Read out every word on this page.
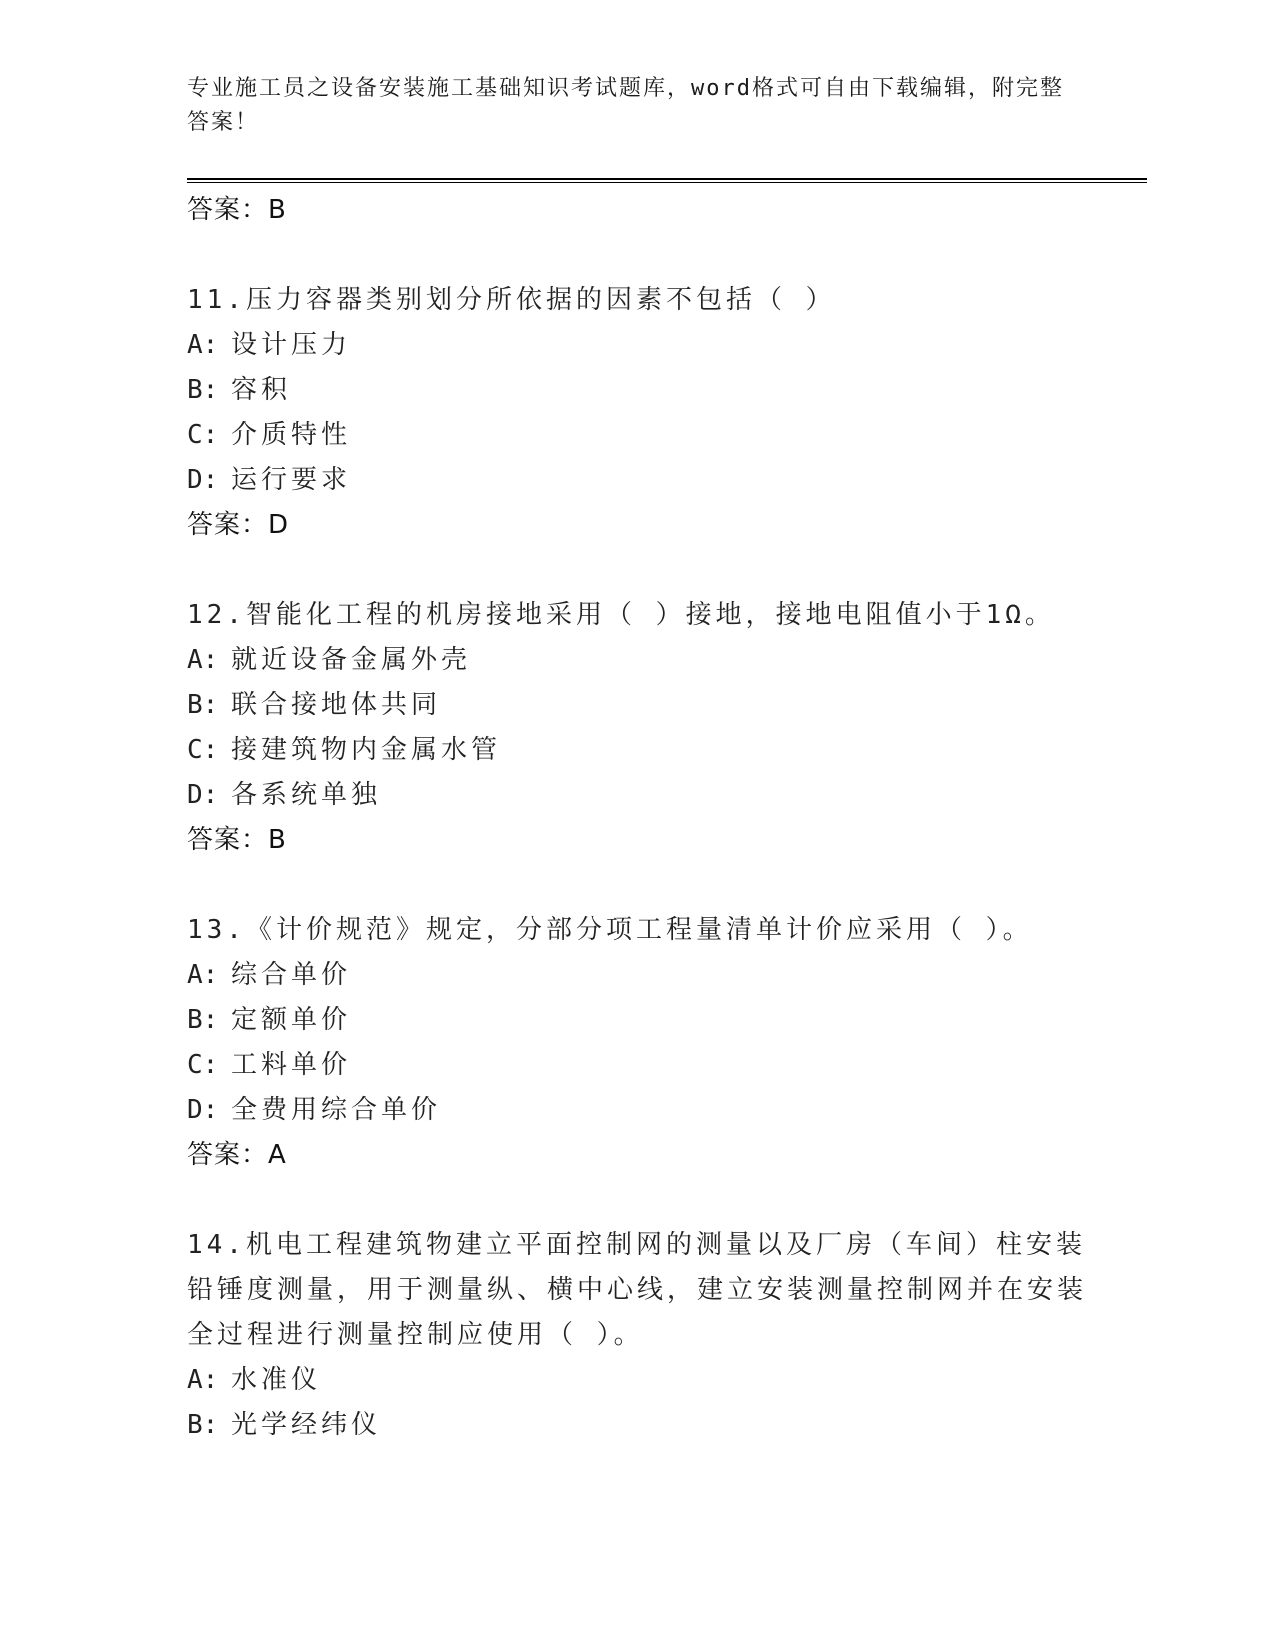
专业施工员之设备安装施工基础知识考试题库，word格式可自由下载编辑，附完整答案！
答案：B
11.压力容器类别划分所依据的因素不包括（ ）
A: 设计压力
B: 容积
C: 介质特性
D: 运行要求
答案：D
12.智能化工程的机房接地采用（ ）接地，接地电阻值小于1Ω。
A: 就近设备金属外壳
B: 联合接地体共同
C: 接建筑物内金属水管
D: 各系统单独
答案：B
13.《计价规范》规定，分部分项工程量清单计价应采用（ ）。
A: 综合单价
B: 定额单价
C: 工料单价
D: 全费用综合单价
答案：A
14.机电工程建筑物建立平面控制网的测量以及厂房（车间）柱安装铅锤度测量，用于测量纵、横中心线，建立安装测量控制网并在安装全过程进行测量控制应使用（ ）。
A: 水准仪
B: 光学经纬仪
